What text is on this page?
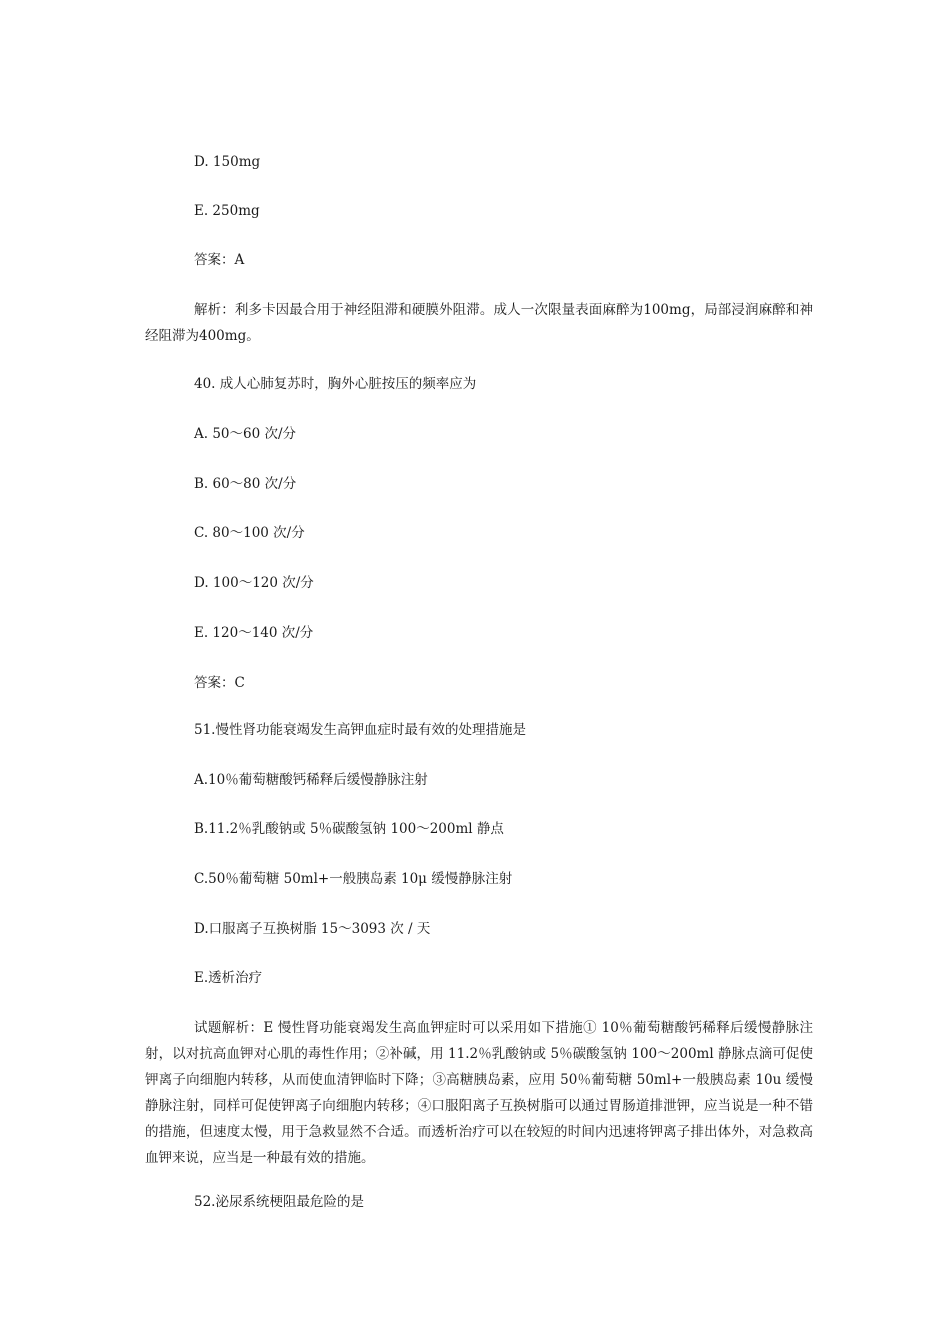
D. 150mg
E. 250mg
答案：A
解析：利多卡因最合用于神经阻滞和硬膜外阻滞。成人一次限量表面麻醉为100mg，局部浸润麻醉和神经阻滞为400mg。
40. 成人心肺复苏时，胸外心脏按压的频率应为
A. 50～60 次/分
B. 60～80 次/分
C. 80～100 次/分
D. 100～120 次/分
E. 120～140 次/分
答案：C
51.慢性肾功能衰竭发生高钾血症时最有效的处理措施是
A.10％葡萄糖酸钙稀释后缓慢静脉注射
B.11.2％乳酸钠或 5％碳酸氢钠 100～200ml 静点
C.50％葡萄糖 50ml+一般胰岛素 10μ 缓慢静脉注射
D.口服离子互换树脂 15～3093 次 / 天
E.透析治疗
试题解析：E 慢性肾功能衰竭发生高血钾症时可以采用如下措施① 10％葡萄糖酸钙稀释后缓慢静脉注射，以对抗高血钾对心肌的毒性作用；②补碱，用 11.2％乳酸钠或 5％碳酸氢钠 100～200ml 静脉点滴可促使钾离子向细胞内转移，从而使血清钾临时下降；③高糖胰岛素，应用 50％葡萄糖 50ml+一般胰岛素 10u 缓慢静脉注射，同样可促使钾离子向细胞内转移；④口服阳离子互换树脂可以通过胃肠道排泄钾，应当说是一种不错的措施，但速度太慢，用于急救显然不合适。而透析治疗可以在较短的时间内迅速将钾离子排出体外，对急救高血钾来说，应当是一种最有效的措施。
52.泌尿系统梗阻最危险的是
